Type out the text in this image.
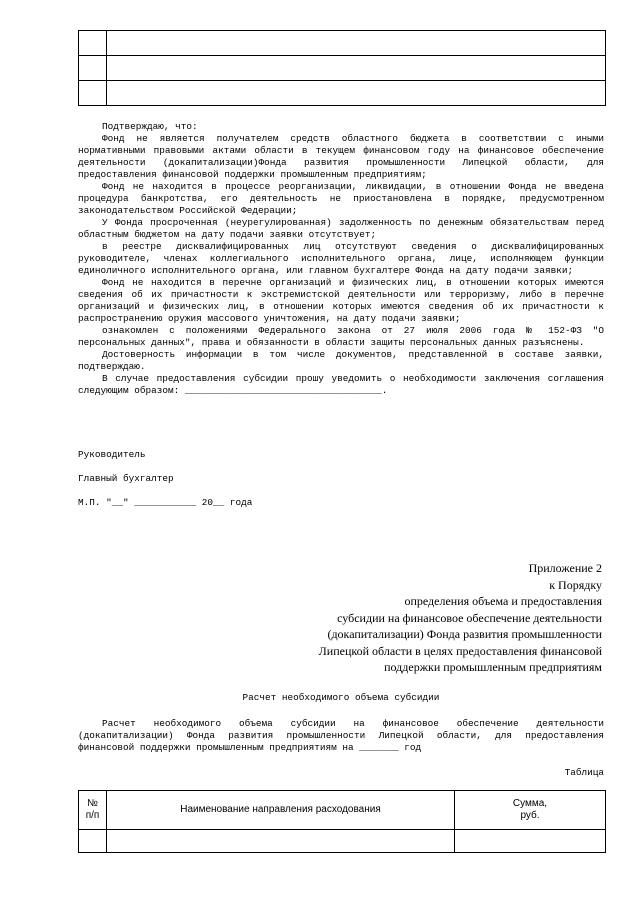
Подтверждаю, что:

Фонд не является получателем средств областного бюджета в соответствии с иными нормативными правовыми актами области в текущем финансовом году на финансовое обеспечение деятельности (докапитализации)Фонда развития промышленности Липецкой области, для предоставления финансовой поддержки промышленным предприятиям;

Фонд не находится в процессе реорганизации, ликвидации, в отношении Фонда не введена процедура банкротства, его деятельность не приостановлена в порядке, предусмотренном законодательством Российской Федерации;

У Фонда просроченная (неурегулированная) задолженность по денежным обязательствам перед областным бюджетом на дату подачи заявки отсутствует;

в реестре дисквалифицированных лиц отсутствуют сведения о дисквалифицированных руководителе, членах коллегиального исполнительного органа, лице, исполняющем функции единоличного исполнительного органа, или главном бухгалтере Фонда на дату подачи заявки;

Фонд не находится в перечне организаций и физических лиц, в отношении которых имеются сведения об их причастности к экстремистской деятельности или терроризму, либо в перечне организаций и физических лиц, в отношении которых имеются сведения об их причастности к распространению оружия массового уничтожения, на дату подачи заявки;

ознакомлен с положениями Федерального закона от 27 июля 2006 года № 152-ФЗ "О персональных данных", права и обязанности в области защиты персональных данных разъяснены.

Достоверность информации в том числе документов, представленной в составе заявки, подтверждаю.

В случае предоставления субсидии прошу уведомить о необходимости заключения соглашения следующим образом: ___________________________________.

Руководитель
Главный бухгалтер
М.П. "__" ___________ 20__ года
Приложение 2
к Порядку
определения объема и предоставления
субсидии на финансовое обеспечение деятельности
(докапитализации) Фонда развития промышленности
Липецкой области в целях предоставления финансовой
поддержки промышленным предприятиям
Расчет необходимого объема субсидии

Расчет необходимого объема субсидии на финансовое обеспечение деятельности (докапитализации) Фонда развития промышленности Липецкой области, для предоставления финансовой поддержки промышленным предприятиям на _______ год

Таблица
№
п/п	Наименование направления расходования	Сумма,
руб.
